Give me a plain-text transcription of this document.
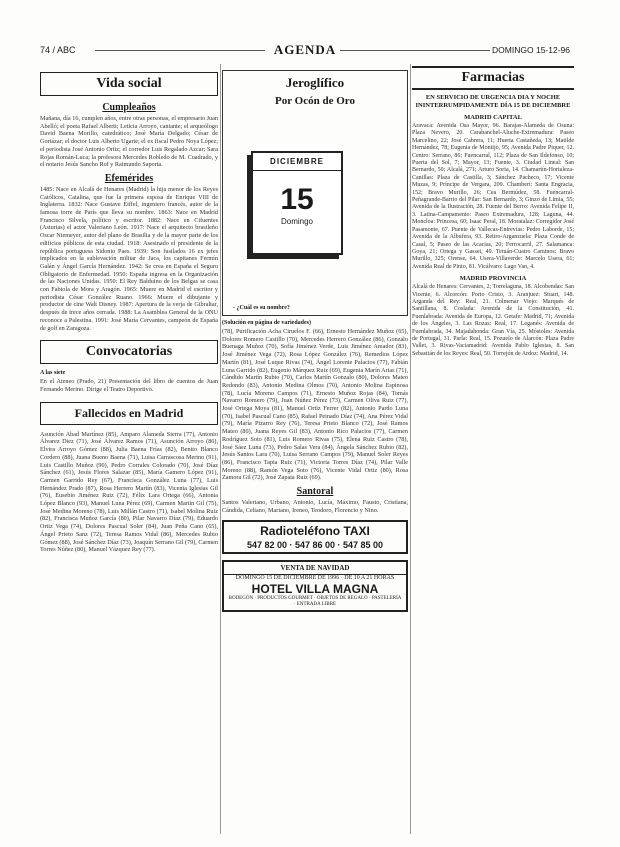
74 / ABC	AGENDA	DOMINGO 15-12-96
Vida social
Cumpleaños

Mañana, día 16, cumplen años, entre otras personas, el empresario Juan Abelló; el poeta Rafael Alberti; Leticia Arroyo, cantante; el arqueólogo David Baena Morillo, catedrático; José María Delgado; César de Gortázar; el doctor Luis Alberto Ugarte; el ex fiscal Pedro Noya López; el periodista José Antonio Ortiz; el corredor Luis Regalado Azcar; Sara Rojas Román-Luca; la profesora Mercedes Robledo de M. Cuadrado, y el notario Jesús Sancho Rof y Raimundo Saporta.

Efemérides

1485: Nace en Alcalá de Henares (Madrid) la hija menor de los Reyes Católicos, Catalina, que fue la primera esposa de Enrique VIII de Inglaterra. 1832: Nace Gustave Eiffel, ingeniero francés, autor de la famosa torre de París que lleva su nombre. 1863: Nace en Madrid Francisco Silvela, político y escritor. 1882: Nace en Cifuentes (Asturias) el actor Valeriano León. 1917: Nace el arquitecto brasileño Oscar Niemeyer, autor del plano de Brasilia y de la mayor parte de los edificios públicos de esta ciudad. 1918: Asesinado el presidente de la república portuguesa Sidonio Paes. 1939: Son fusilados 16 ex jefes implicados en la sublevación militar de Jaca, los capitanes Fermín Galán y Ángel García Hernández. 1942: Se crea en España el Seguro Obligatorio de Enfermedad. 1950: España ingresa en la Organización de las Naciones Unidas. 1950: El Rey Balduino de los Belgas se casa con Fabiola de Mora y Aragón. 1965: Muere en Madrid el escritor y periodista César González Ruano. 1966: Muere el dibujante y productor de cine Walt Disney. 1987: Apertura de la verja de Gibraltar, después de trece años cerrada. 1988: La Asamblea General de la ONU reconoce a Palestina. 1991: José María Cervantes, campeón de España de golf en Zaragoza.

Convocatorias
A las siete

En el Ateneo (Prado, 21) Presentación del libro de cuentos de Juan Fernando Merino. Dirige el Teatro Deportivo.

Fallecidos en Madrid

Asunción Abad Martínez (85), Amparo Alameda Sierra (77), Antonio Álvarez Diez (71), José Álvarez Ramos (71), Asunción Arroyo (86), Elvira Arroyo Gómez (88), Julia Baena Frías (82), Benito Blanco Cordero (88), Juana Bueno Baena (71), Luisa Carrascosa Merino (91), Luis Castillo Muñoz (90), Pedro Corrales Colorado (70), José Díaz Sánchez (61), Jesús Flores Salazar (85), María Gamero López (91), Carmen Garrido Rey (67), Francisca González Luna (77), Luis Hernández Prado (87), Rosa Herrero Martín (83), Vicenta Iglesias Gil (76), Eusebio Jiménez Ruiz (72), Félix Lara Ortega (66), Antonia López Blanco (93), Manuel Luna Pérez (69), Carmen Martín Gil (75), José Medina Moreno (78), Luis Millán Castro (71), Isabel Molina Ruiz (82), Francisca Muñoz García (80), Pilar Navarro Díaz (79), Eduardo Ortiz Vega (74), Dolores Pascual Soler (84), Juan Peña Cano (65), Ángel Prieto Sanz (72), Teresa Ramos Vidal (86), Mercedes Rubio Gómez (88), José Sánchez Díaz (73), Joaquín Serrano Gil (79), Carmen Torres Núñez (80), Manuel Vázquez Rey (77).

Jeroglífico
Por Ocón de Oro
DICIEMBRE
15
Domingo
- ¿Cuál es su nombre?
(Solución en página de variedades)

(78), Purificación Acha Ciruelos F. (66), Ernesto Hernández Muñoz (65), Dolores Romero Castillo (70), Mercedes Herrero González (86), Gonzalo Buenaga Muñoz (70), Sofía Jiménez Verde, Luis Jiménez Amador (83), José Jiménez Vega (72), Rosa López González (76), Remedios López Martín (81), José Luque Rivas (74), Ángel Lorente Palacios (77), Fabián Luna Garrido (82), Eugenio Márquez Ruiz (69), Eugenia Marín Arias (71), Cándido Martín Rubio (70), Carlos Martín Gonzalo (80), Dolores Mateo Redondo (83), Antonio Medina Olmos (70), Antonio Molina Espinosa (78), Lucía Moreno Campos (71), Ernesto Muñoz Rojas (84), Tomás Navarro Romero (79), Juan Núñez Pérez (73), Carmen Oliva Ruiz (77), José Ortega Moya (81), Manuel Ortiz Ferrer (82), Antonio Pardo Luna (70), Isabel Pascual Cano (85), Rafael Peinado Díaz (74), Ana Pérez Vidal (79), María Pizarro Rey (76), Teresa Prieto Blanco (72), José Ramos Mateo (80), Juana Reyes Gil (83), Antonio Rico Palacios (77), Carmen Rodríguez Soto (81), Luis Romero Rivas (75), Elena Ruiz Castro (78), José Sáez Luna (73), Pedro Salas Vera (84), Ángela Sánchez Rubio (82), Jesús Santos Lara (70), Luisa Serrano Campos (79), Manuel Soler Reyes (86), Francisco Tapia Ruiz (71), Victoria Torres Díaz (74), Pilar Valle Moreno (88), Ramón Vega Soto (76), Vicente Vidal Ortiz (80), Rosa Zamora Gil (72), José Zapata Ruiz (69).

Santoral

Santos Valeriano, Urbano, Antonio, Lucía, Máximo, Fausto, Cristiana, Cándida, Celiano, Mariano, Ireneo, Teodoro, Florencio y Nino.

Radioteléfono TAXI
547 82 00 · 547 86 00 · 547 85 00
VENTA DE NAVIDAD
DOMINGO 15 DE DICIEMBRE DE 1996 · DE 10 A 21 HORAS
HOTEL VILLA MAGNA
BODEGÓN · PRODUCTOS GOURMET · OBJETOS DE REGALO · PASTELERÍA · ENTRADA LIBRE
Farmacias
EN SERVICIO DE URGENCIA DIA Y NOCHE ININTERRUMPIDAMENTE DÍA 15 DE DICIEMBRE
MADRID CAPITAL

Aravaca: Avenida Osa Mayor, 96. Barajas-Alameda de Osuna: Plaza Nevero, 20. Carabanchel-Aluche-Extremadura: Paseo Marcelino, 22; José Cabrera, 11; Huerta Castañeda, 13; Matilde Hernández, 78; Eugenia de Montijo, 95; Avenida Padre Piquer, 12. Centro: Serrano, 86; Fuencarral, 112; Plaza de San Ildefonso, 10; Puerta del Sol, 7; Mayor, 13; Fuente, 3. Ciudad Lineal: San Bernardo, 50; Alcalá, 271; Arturo Soria, 14. Chamartín-Hortaleza-Canillas: Plaza de Castilla, 3; Sánchez Pacheco, 17; Vicente Muzas, 9; Príncipe de Vergara, 209. Chamberí: Santa Engracia, 152; Bravo Murillo, 26; Cea Bermúdez, 58. Fuencarral-Peñagrande-Barrio del Pilar: San Bernardo, 3; Ginzo de Limia, 55; Avenida de la Ilustración, 28. Fuente del Berro: Avenida Felipe II, 3. Latina-Campamento: Paseo Extremadura, 128; Laguna, 44. Moncloa: Princesa, 60; Isaac Peral, 18. Moratalaz: Corregidor José Pasamonte, 67. Puente de Vallecas-Entrevías: Pedro Laborde, 15; Avenida de la Albufera, 93. Retiro-Arganzuela: Plaza Conde de Casal, 5; Paseo de las Acacias, 20; Ferrocarril, 27. Salamanca: Goya, 21; Ortega y Gasset, 49. Tetuán-Cuatro Caminos: Bravo Murillo, 325; Orense, 64. Usera-Villaverde: Marcelo Usera, 61; Avenida Real de Pinto, 81. Vicálvaro: Lago Van, 4.

MADRID PROVINCIA

Alcalá de Henares: Cervantes, 2; Torrelaguna, 18. Alcobendas: San Vicente, 6. Alcorcón: Porto Cristo, 3. Aranjuez: Stuart, 148. Arganda del Rey: Real, 21. Colmenar Viejo: Marqués de Santillana, 8. Coslada: Avenida de la Constitución, 41. Fuenlabrada: Avenida de Europa, 12. Getafe: Madrid, 71; Avenida de los Ángeles, 3. Las Rozas: Real, 17. Leganés: Avenida de Fuenlabrada, 34. Majadahonda: Gran Vía, 25. Móstoles: Avenida de Portugal, 31. Parla: Real, 15. Pozuelo de Alarcón: Plaza Padre Vallet, 3. Rivas-Vaciamadrid: Avenida Pablo Iglesias, 8. San Sebastián de los Reyes: Real, 50. Torrejón de Ardoz: Madrid, 14.
